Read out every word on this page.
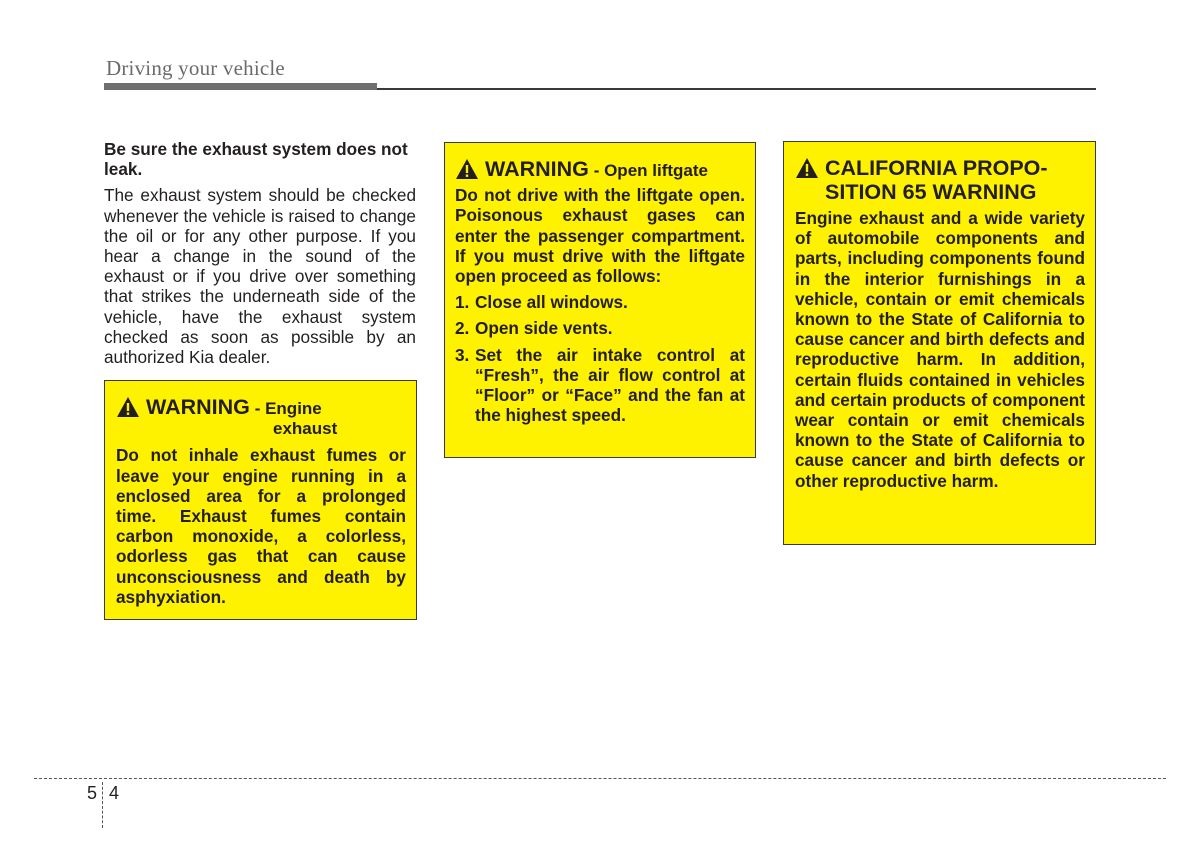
Driving your vehicle

Be sure the exhaust system does not leak.

The exhaust system should be checked whenever the vehicle is raised to change the oil or for any other purpose. If you hear a change in the sound of the exhaust or if you drive over something that strikes the underneath side of the vehicle, have the exhaust system checked as soon as possible by an authorized Kia dealer.

WARNING - Engine
exhaust

Do not inhale exhaust fumes or leave your engine running in a enclosed area for a prolonged time. Exhaust fumes contain carbon monoxide, a colorless, odorless gas that can cause unconsciousness and death by asphyxiation.

WARNING - Open liftgate

Do not drive with the liftgate open. Poisonous exhaust gases can enter the passenger compartment. If you must drive with the liftgate open proceed as follows:

1. Close all windows.
2. Open side vents.
3. Set the air intake control at “Fresh”, the air flow control at “Floor” or “Face” and the fan at the highest speed.
CALIFORNIA PROPO-
SITION 65 WARNING

Engine exhaust and a wide variety of automobile components and parts, including components found in the interior furnishings in a vehicle, contain or emit chemicals known to the State of California to cause cancer and birth defects and reproductive harm. In addition, certain fluids contained in vehicles and certain products of component wear contain or emit chemicals known to the State of California to cause cancer and birth defects or other reproductive harm.

5 4
